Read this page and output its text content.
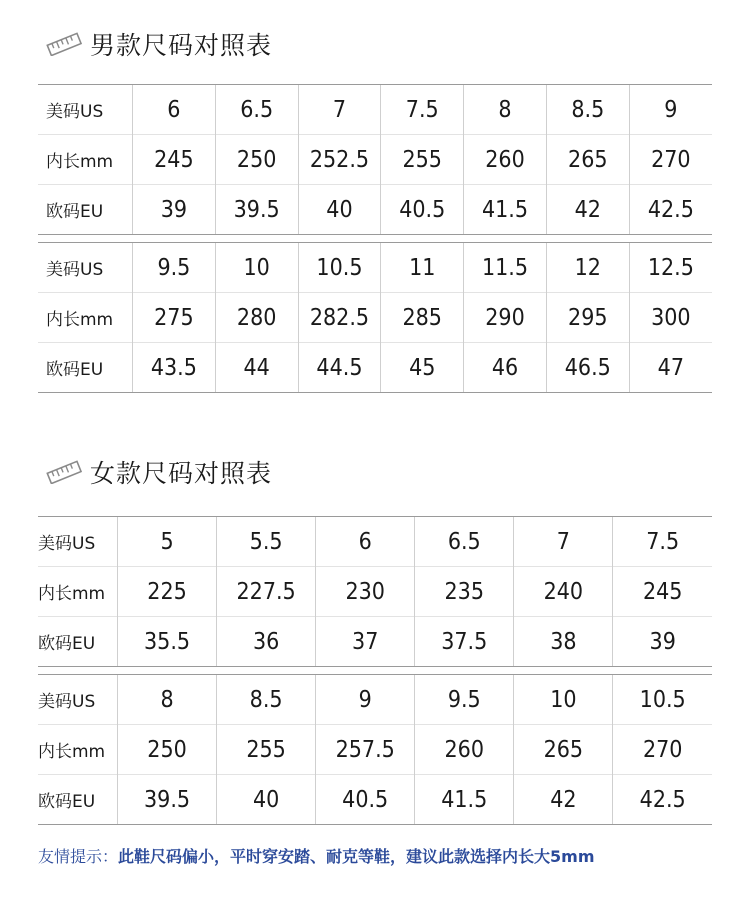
男款尺码对照表
美码US	6	6.5	7	7.5	8	8.5	9
内长mm	245	250	252.5	255	260	265	270
欧码EU	39	39.5	40	40.5	41.5	42	42.5
美码US	9.5	10	10.5	11	11.5	12	12.5
内长mm	275	280	282.5	285	290	295	300
欧码EU	43.5	44	44.5	45	46	46.5	47
女款尺码对照表
美码US	5	5.5	6	6.5	7	7.5
内长mm	225	227.5	230	235	240	245
欧码EU	35.5	36	37	37.5	38	39
美码US	8	8.5	9	9.5	10	10.5
内长mm	250	255	257.5	260	265	270
欧码EU	39.5	40	40.5	41.5	42	42.5
友情提示：此鞋尺码偏小，平时穿安踏、耐克等鞋，建议此款选择内长大5mm
